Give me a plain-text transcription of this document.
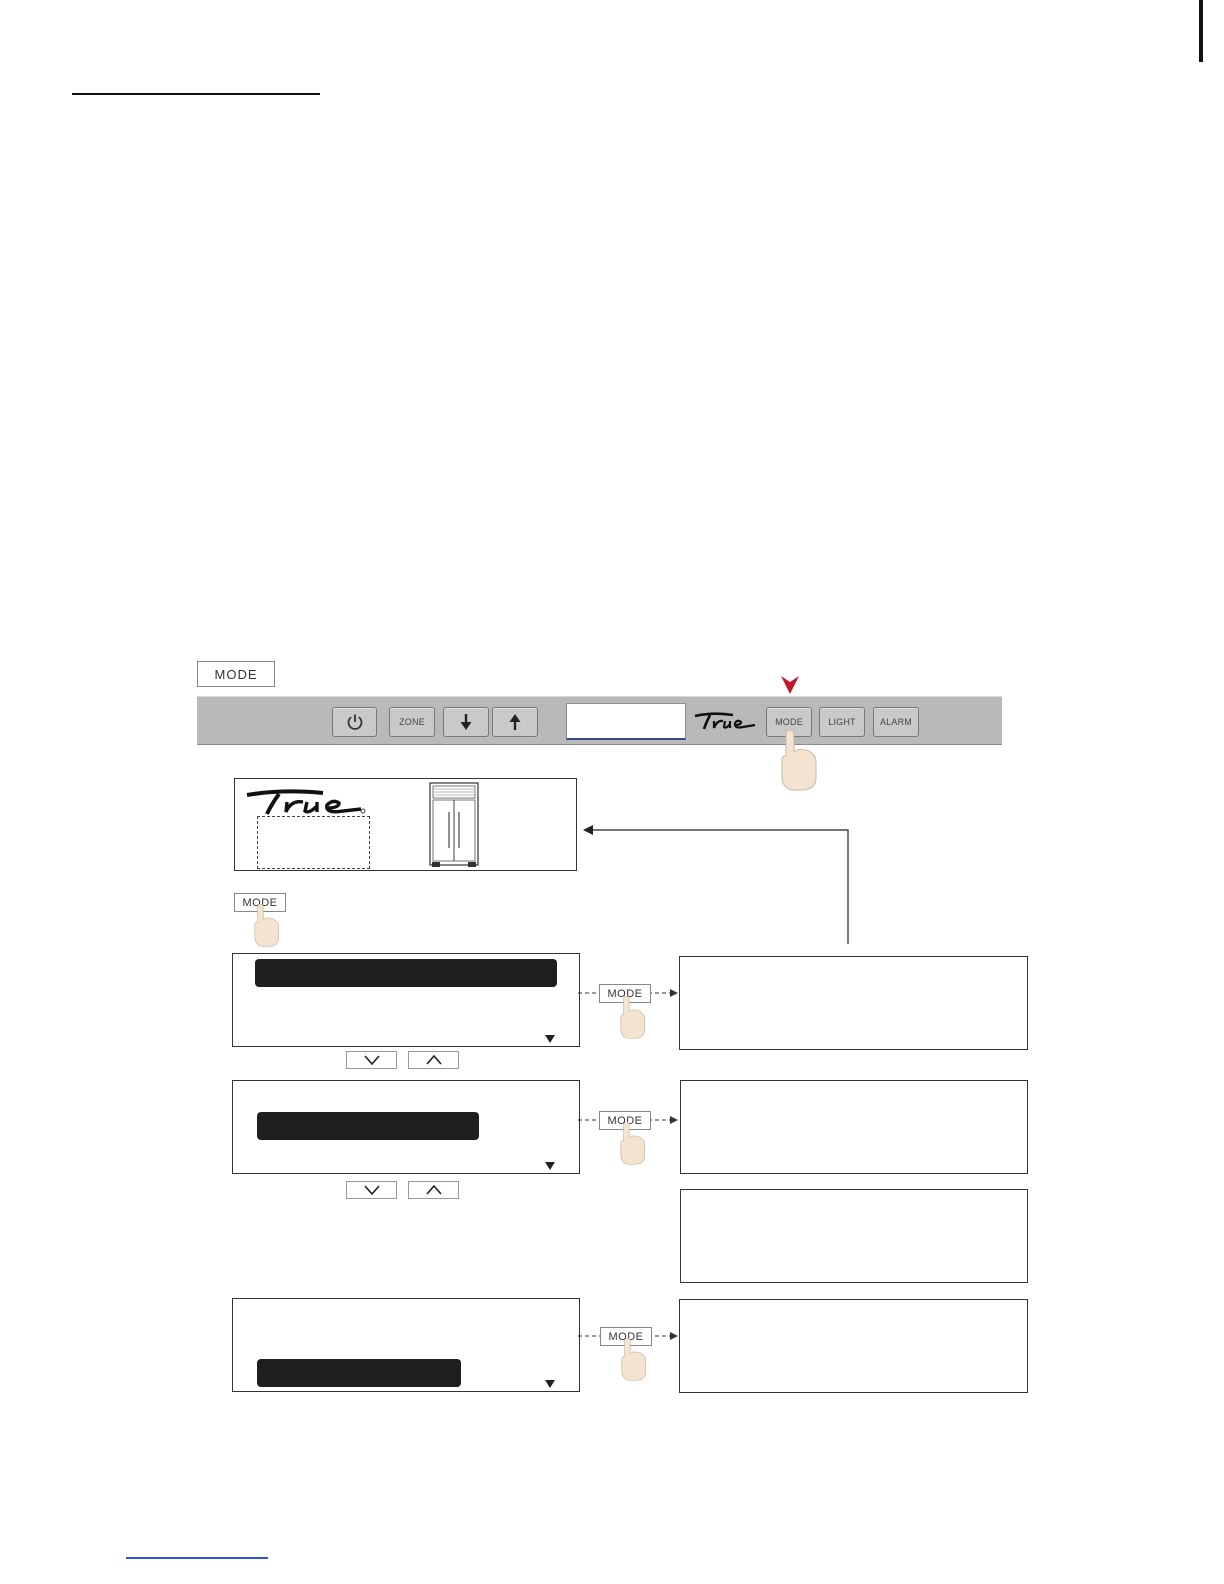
MODE
ZONE	MODE	LIGHT	ALARM
MODE
MODE
MODE
MODE
